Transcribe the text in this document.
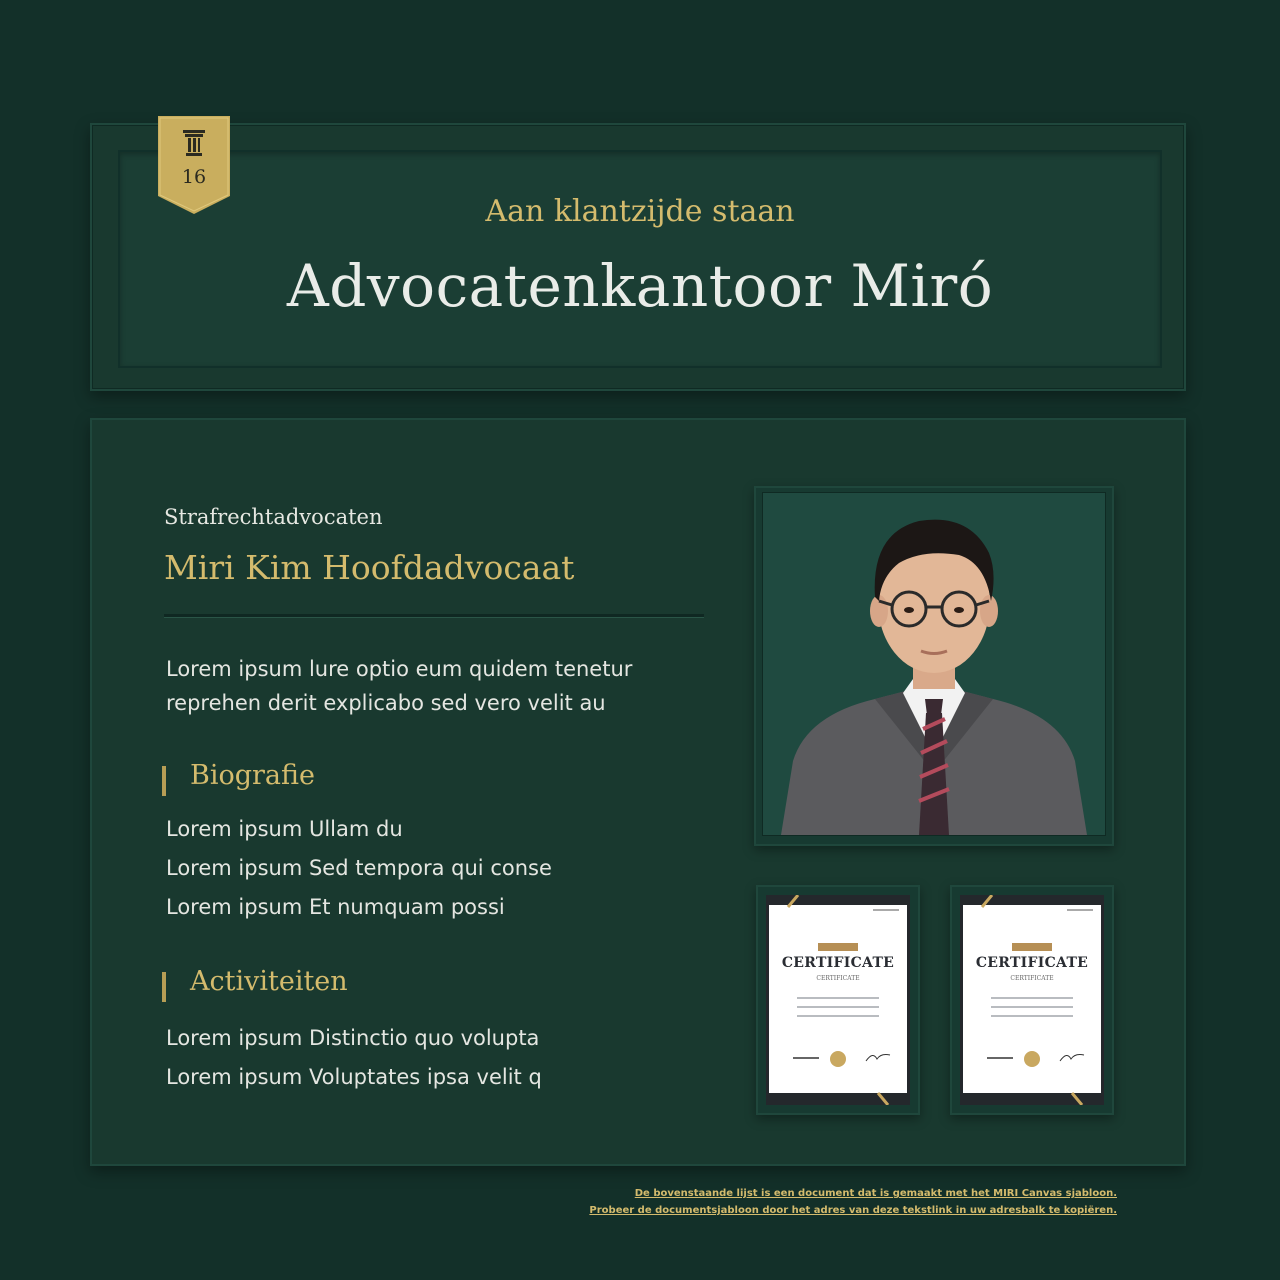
16
Aan klantzijde staan
Advocatenkantoor Miró
Strafrechtadvocaten
Miri Kim Hoofdadvocaat
Lorem ipsum lure optio eum quidem tenetur reprehen derit explicabo sed vero velit au
Biografie
Lorem ipsum Ullam du
Lorem ipsum Sed tempora qui conse
Lorem ipsum Et numquam possi
Activiteiten
Lorem ipsum Distinctio quo volupta
Lorem ipsum Voluptates ipsa velit q
CERTIFICATE
CERTIFICATE
CERTIFICATE
CERTIFICATE
De bovenstaande lijst is een document dat is gemaakt met het MIRI Canvas sjabloon.
Probeer de documentsjabloon door het adres van deze tekstlink in uw adresbalk te kopiëren.
